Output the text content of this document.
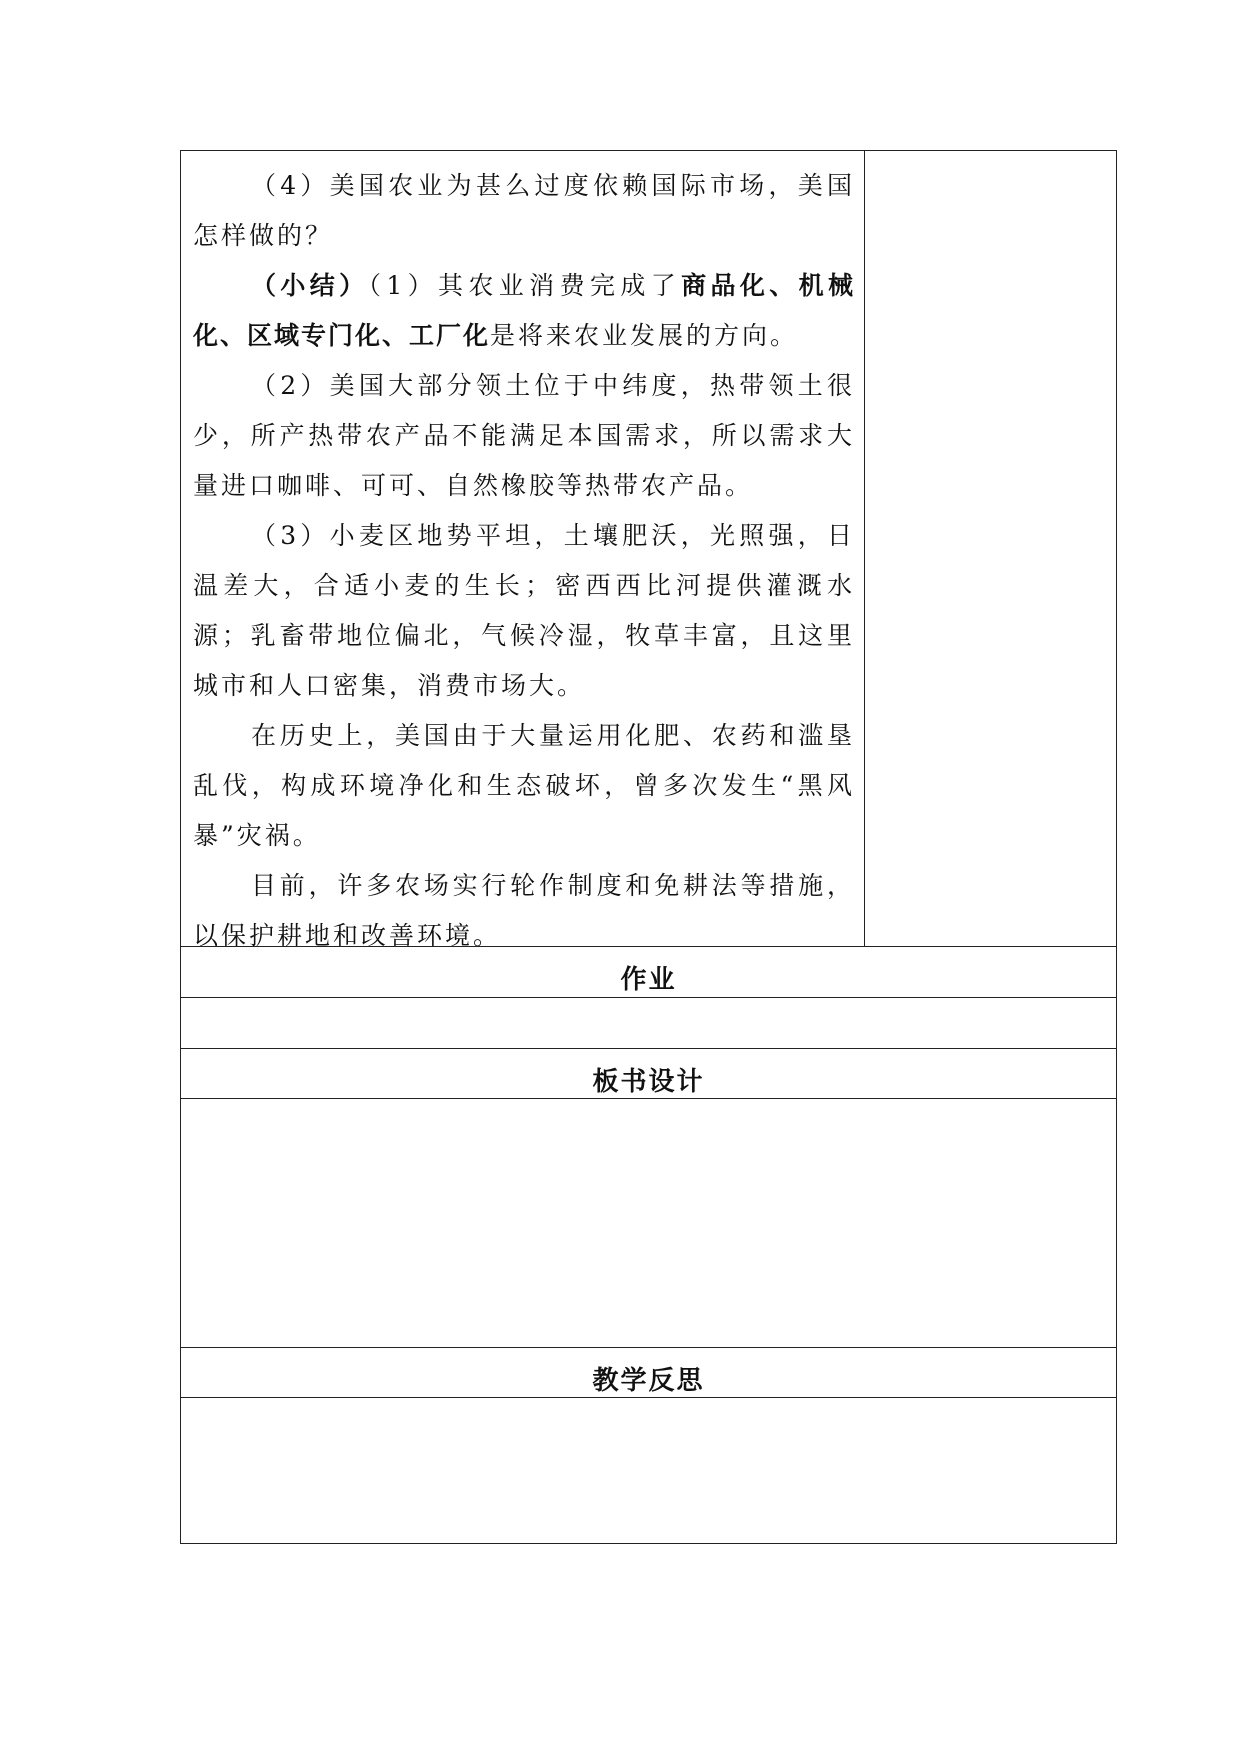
（4）美国农业为甚么过度依赖国际市场，美国怎样做的？

（小结）（1）其农业消费完成了商品化、机械化、区域专门化、工厂化是将来农业发展的方向。

（2）美国大部分领土位于中纬度，热带领土很少，所产热带农产品不能满足本国需求，所以需求大量进口咖啡、可可、自然橡胶等热带农产品。

（3）小麦区地势平坦，土壤肥沃，光照强，日温差大，合适小麦的生长；密西西比河提供灌溉水源；乳畜带地位偏北，气候冷湿，牧草丰富，且这里城市和人口密集，消费市场大。

在历史上，美国由于大量运用化肥、农药和滥垦乱伐，构成环境净化和生态破坏，曾多次发生“黑风暴”灾祸。

目前，许多农场实行轮作制度和免耕法等措施，以保护耕地和改善环境。

作业
板书设计
教学反思
